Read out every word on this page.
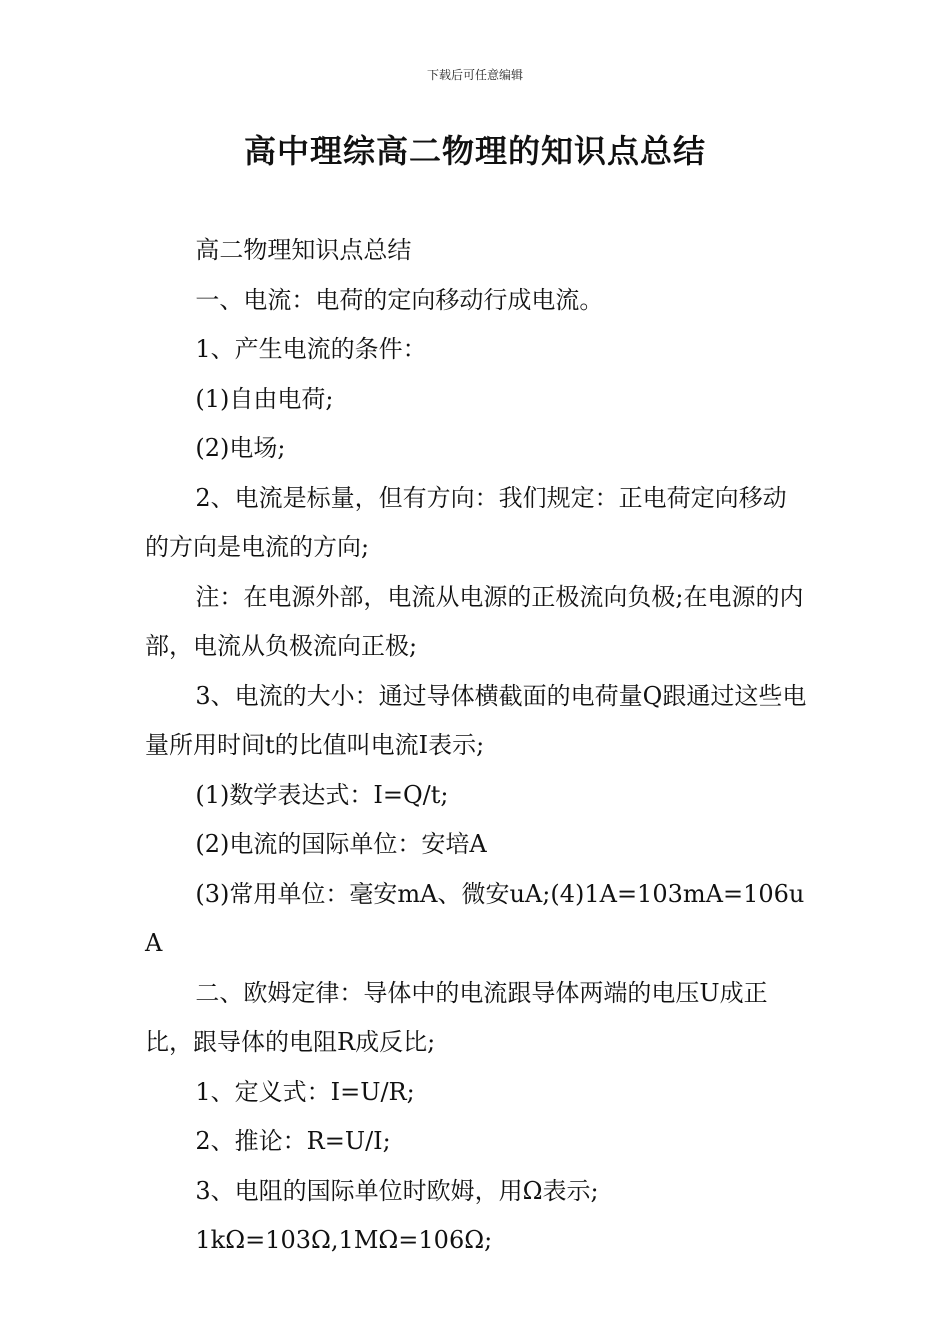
下载后可任意编辑
高中理综高二物理的知识点总结

高二物理知识点总结

一、电流：电荷的定向移动行成电流。

1、产生电流的条件：

(1)自由电荷;

(2)电场;

2、电流是标量，但有方向：我们规定：正电荷定向移动的方向是电流的方向;

注：在电源外部，电流从电源的正极流向负极;在电源的内部，电流从负极流向正极;

3、电流的大小：通过导体横截面的电荷量Q跟通过这些电量所用时间t的比值叫电流I表示;

(1)数学表达式：I=Q/t;

(2)电流的国际单位：安培A

(3)常用单位：毫安mA、微安uA;(4)1A=103mA=106uA

二、欧姆定律：导体中的电流跟导体两端的电压U成正比，跟导体的电阻R成反比;

1、定义式：I=U/R;

2、推论：R=U/I;

3、电阻的国际单位时欧姆，用Ω表示;

1kΩ=103Ω,1MΩ=106Ω;
